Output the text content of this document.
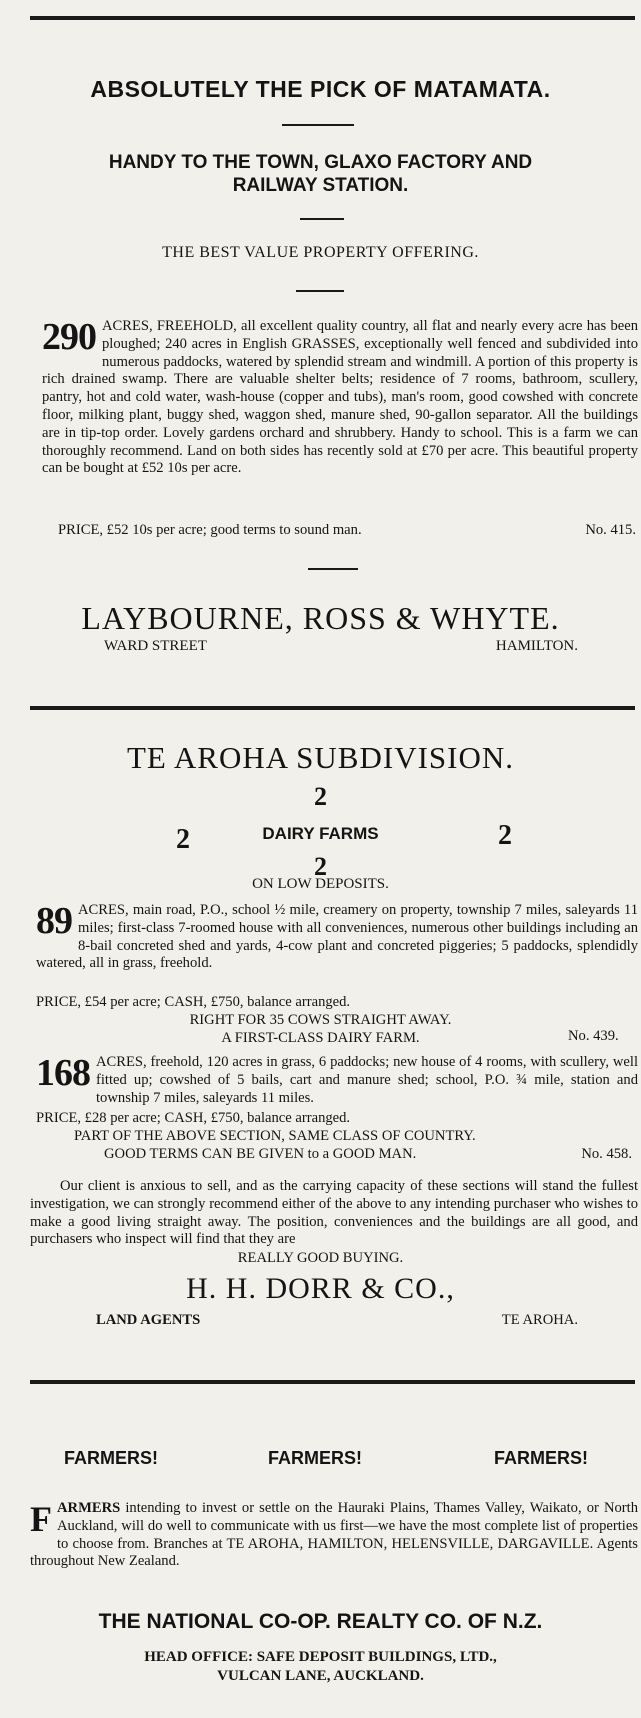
ABSOLUTELY THE PICK OF MATAMATA.
HANDY TO THE TOWN, GLAXO FACTORY AND
RAILWAY STATION.
THE BEST VALUE PROPERTY OFFERING.
290 ACRES, FREEHOLD, all excellent quality country, all flat and nearly every acre has been ploughed; 240 acres in English GRASSES, exceptionally well fenced and subdivided into numerous paddocks, watered by splendid stream and windmill. A portion of this property is rich drained swamp. There are valuable shelter belts; residence of 7 rooms, bathroom, scullery, pantry, hot and cold water, wash-house (copper and tubs), man's room, good cowshed with concrete floor, milking plant, buggy shed, waggon shed, manure shed, 90-gallon separator. All the buildings are in tip-top order. Lovely gardens orchard and shrubbery. Handy to school. This is a farm we can thoroughly recommend. Land on both sides has recently sold at £70 per acre. This beautiful property can be bought at £52 10s per acre.
PRICE, £52 10s per acre; good terms to sound man.	No. 415.
LAYBOURNE, ROSS & WHYTE.
WARD STREET	HAMILTON.
TE AROHA SUBDIVISION.
2
2	DAIRY FARMS	2
2
ON LOW DEPOSITS.
89 ACRES, main road, P.O., school ½ mile, creamery on property, township 7 miles, saleyards 11 miles; first-class 7-roomed house with all conveniences, numerous other buildings including an 8-bail concreted shed and yards, 4-cow plant and concreted piggeries; 5 paddocks, splendidly watered, all in grass, freehold.
PRICE, £54 per acre; CASH, £750, balance arranged.
RIGHT FOR 35 COWS STRAIGHT AWAY.
A FIRST-CLASS DAIRY FARM.	No. 439.
168 ACRES, freehold, 120 acres in grass, 6 paddocks; new house of 4 rooms, with scullery, well fitted up; cowshed of 5 bails, cart and manure shed; school, P.O. ¾ mile, station and township 7 miles, saleyards 11 miles.
PRICE, £28 per acre; CASH, £750, balance arranged.
PART OF THE ABOVE SECTION, SAME CLASS OF COUNTRY.
GOOD TERMS CAN BE GIVEN to a GOOD MAN.	No. 458.
Our client is anxious to sell, and as the carrying capacity of these sections will stand the fullest investigation, we can strongly recommend either of the above to any intending purchaser who wishes to make a good living straight away. The position, conveniences and the buildings are all good, and purchasers who inspect will find that they are
REALLY GOOD BUYING.
H. H. DORR & CO.,
LAND AGENTS	TE AROHA.
FARMERS!	FARMERS!	FARMERS!
F ARMERS intending to invest or settle on the Hauraki Plains, Thames Valley, Waikato, or North Auckland, will do well to communicate with us first—we have the most complete list of properties to choose from. Branches at TE AROHA, HAMILTON, HELENSVILLE, DARGAVILLE. Agents throughout New Zealand.
THE NATIONAL CO-OP. REALTY CO. OF N.Z.
HEAD OFFICE: SAFE DEPOSIT BUILDINGS, LTD.,
VULCAN LANE, AUCKLAND.
